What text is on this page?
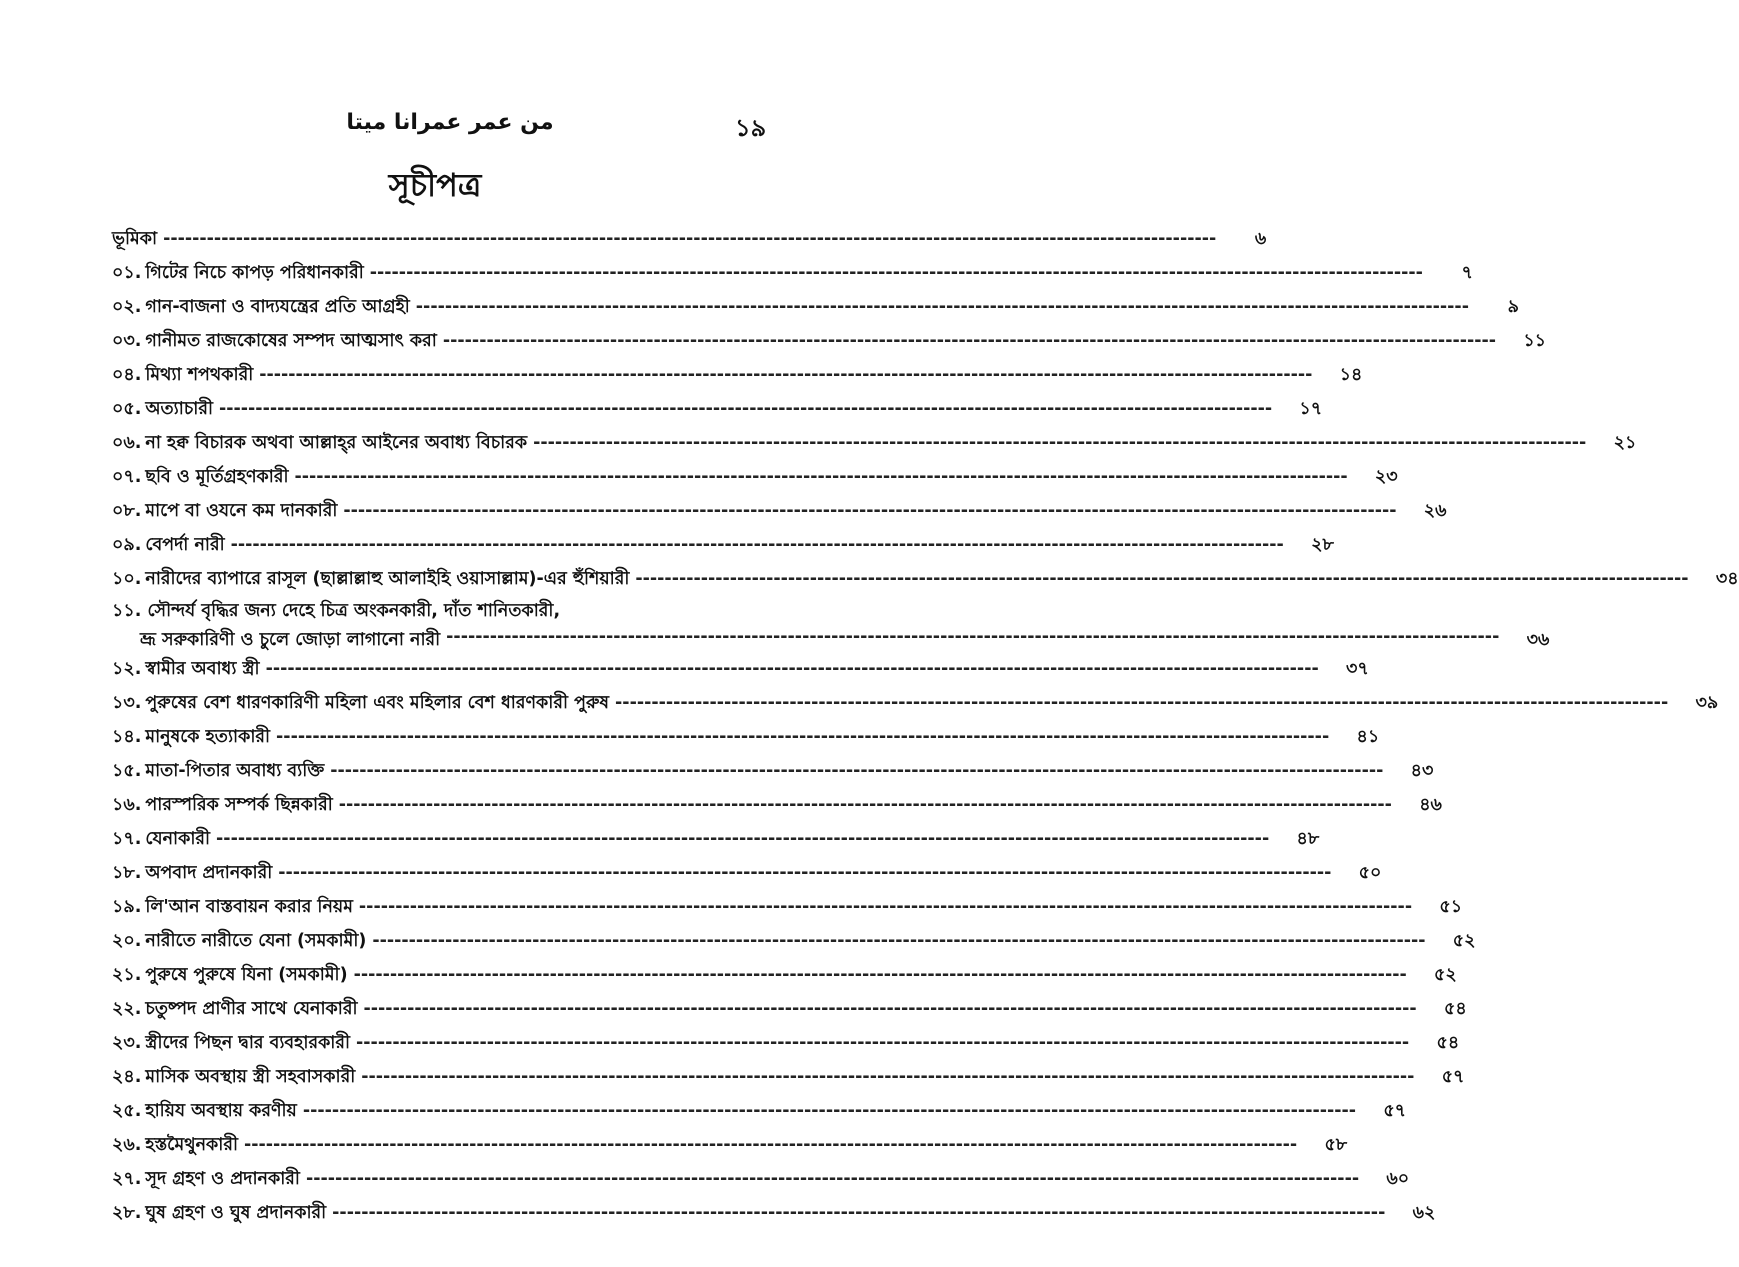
من عمر عمرانا ميتا	১৯
সূচীপত্র
ভূমিকা -----	৬
০১. গিটের নিচে কাপড় পরিধানকারী -----	৭
০২. গান-বাজনা ও বাদ্যযন্ত্রের প্রতি আগ্রহী -----	৯
০৩. গানীমত রাজকোষের সম্পদ আত্মসাৎ করা -----	১১
০৪. মিথ্যা শপথকারী -----	১৪
০৫. অত্যাচারী -----	১৭
০৬. না হক্ব বিচারক অথবা আল্লাহ্‌র আইনের অবাধ্য বিচারক -----	২১
০৭. ছবি ও মূর্তিগ্রহণকারী -----	২৩
০৮. মাপে বা ওযনে কম দানকারী -----	২৬
০৯. বেপর্দা নারী -----	২৮
১০. নারীদের ব্যাপারে রাসূল (ছাল্লাল্লাহু আলাইহি ওয়াসাল্লাম)-এর হুঁশিয়ারী -----	৩৪
১১. সৌন্দর্য বৃদ্ধির জন্য দেহে চিত্র অংকনকারী, দাঁত শানিতকারী,
ভ্রূ সরুকারিণী ও চুলে জোড়া লাগানো নারী -----	৩৬
১২. স্বামীর অবাধ্য স্ত্রী -----	৩৭
১৩. পুরুষের বেশ ধারণকারিণী মহিলা এবং মহিলার বেশ ধারণকারী পুরুষ -----	৩৯
১৪. মানুষকে হত্যাকারী -----	৪১
১৫. মাতা-পিতার অবাধ্য ব্যক্তি -----	৪৩
১৬. পারস্পরিক সম্পর্ক ছিন্নকারী -----	৪৬
১৭. যেনাকারী -----	৪৮
১৮. অপবাদ প্রদানকারী -----	৫০
১৯. লি'আন বাস্তবায়ন করার নিয়ম -----	৫১
২০. নারীতে নারীতে যেনা (সমকামী) -----	৫২
২১. পুরুষে পুরুষে যিনা (সমকামী) -----	৫২
২২. চতুষ্পদ প্রাণীর সাথে যেনাকারী -----	৫৪
২৩. স্ত্রীদের পিছন দ্বার ব্যবহারকারী -----	৫৪
২৪. মাসিক অবস্থায় স্ত্রী সহবাসকারী -----	৫৭
২৫. হায়িয অবস্থায় করণীয় -----	৫৭
২৬. হস্তমৈথুনকারী -----	৫৮
২৭. সূদ গ্রহণ ও প্রদানকারী -----	৬০
২৮. ঘুষ গ্রহণ ও ঘুষ প্রদানকারী -----	৬২
